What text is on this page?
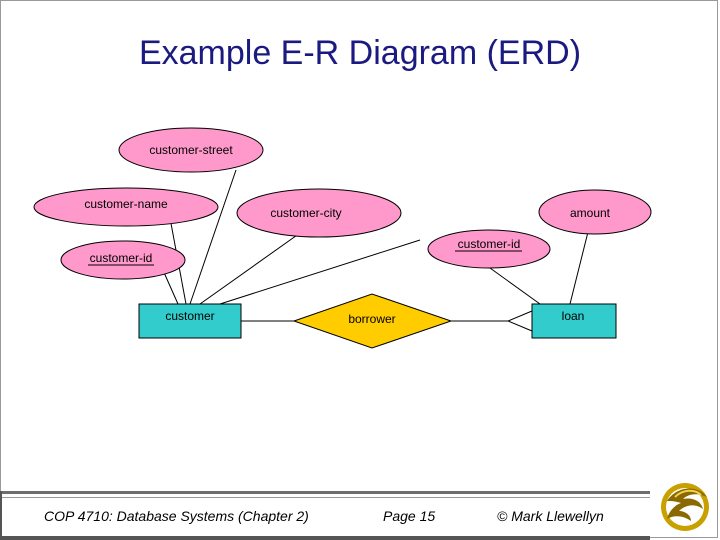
Example E-R Diagram (ERD)
customer-street
customer-name
customer-city
customer-id
customer-id
amount
customer	loan
borrower
COP 4710: Database Systems (Chapter 2)	Page 15	© Mark Llewellyn
